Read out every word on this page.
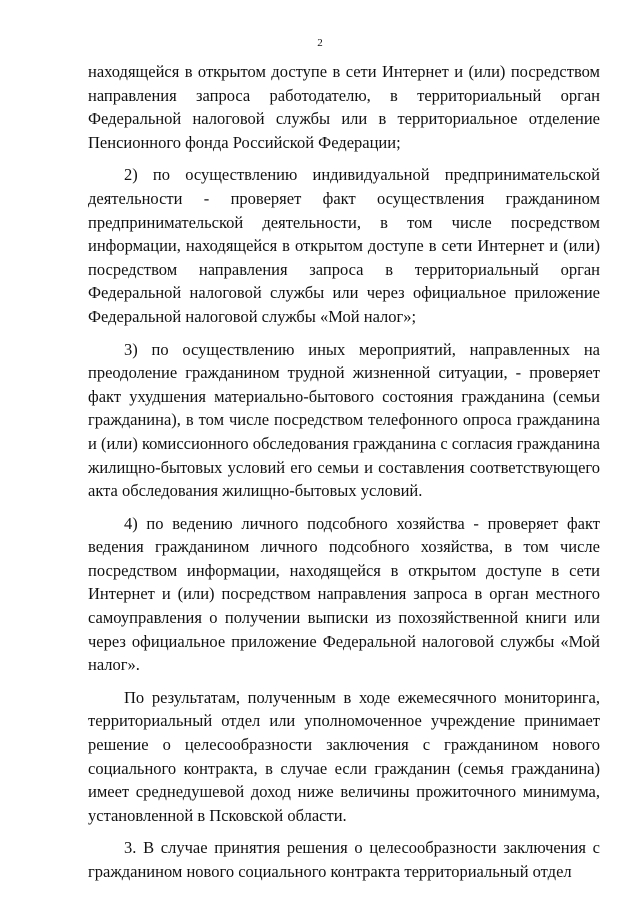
2

находящейся в открытом доступе в сети Интернет и (или) посредством направления запроса работодателю, в территориальный орган Федеральной налоговой службы или в территориальное отделение Пенсионного фонда Российской Федерации;

2) по осуществлению индивидуальной предпринимательской деятельности - проверяет факт осуществления гражданином предпринимательской деятельности, в том числе посредством информации, находящейся в открытом доступе в сети Интернет и (или) посредством направления запроса в территориальный орган Федеральной налоговой службы или через официальное приложение Федеральной налоговой службы «Мой налог»;

3) по осуществлению иных мероприятий, направленных на преодоление гражданином трудной жизненной ситуации, - проверяет факт ухудшения материально-бытового состояния гражданина (семьи гражданина), в том числе посредством телефонного опроса гражданина и (или) комиссионного обследования гражданина с согласия гражданина жилищно-бытовых условий его семьи и составления соответствующего акта обследования жилищно-бытовых условий.

4) по ведению личного подсобного хозяйства - проверяет факт ведения гражданином личного подсобного хозяйства, в том числе посредством информации, находящейся в открытом доступе в сети Интернет и (или) посредством направления запроса в орган местного самоуправления о получении выписки из похозяйственной книги или через официальное приложение Федеральной налоговой службы «Мой налог».

По результатам, полученным в ходе ежемесячного мониторинга, территориальный отдел или уполномоченное учреждение принимает решение о целесообразности заключения с гражданином нового социального контракта, в случае если гражданин (семья гражданина) имеет среднедушевой доход ниже величины прожиточного минимума, установленной в Псковской области.

3. В случае принятия решения о целесообразности заключения с гражданином нового социального контракта территориальный отдел
